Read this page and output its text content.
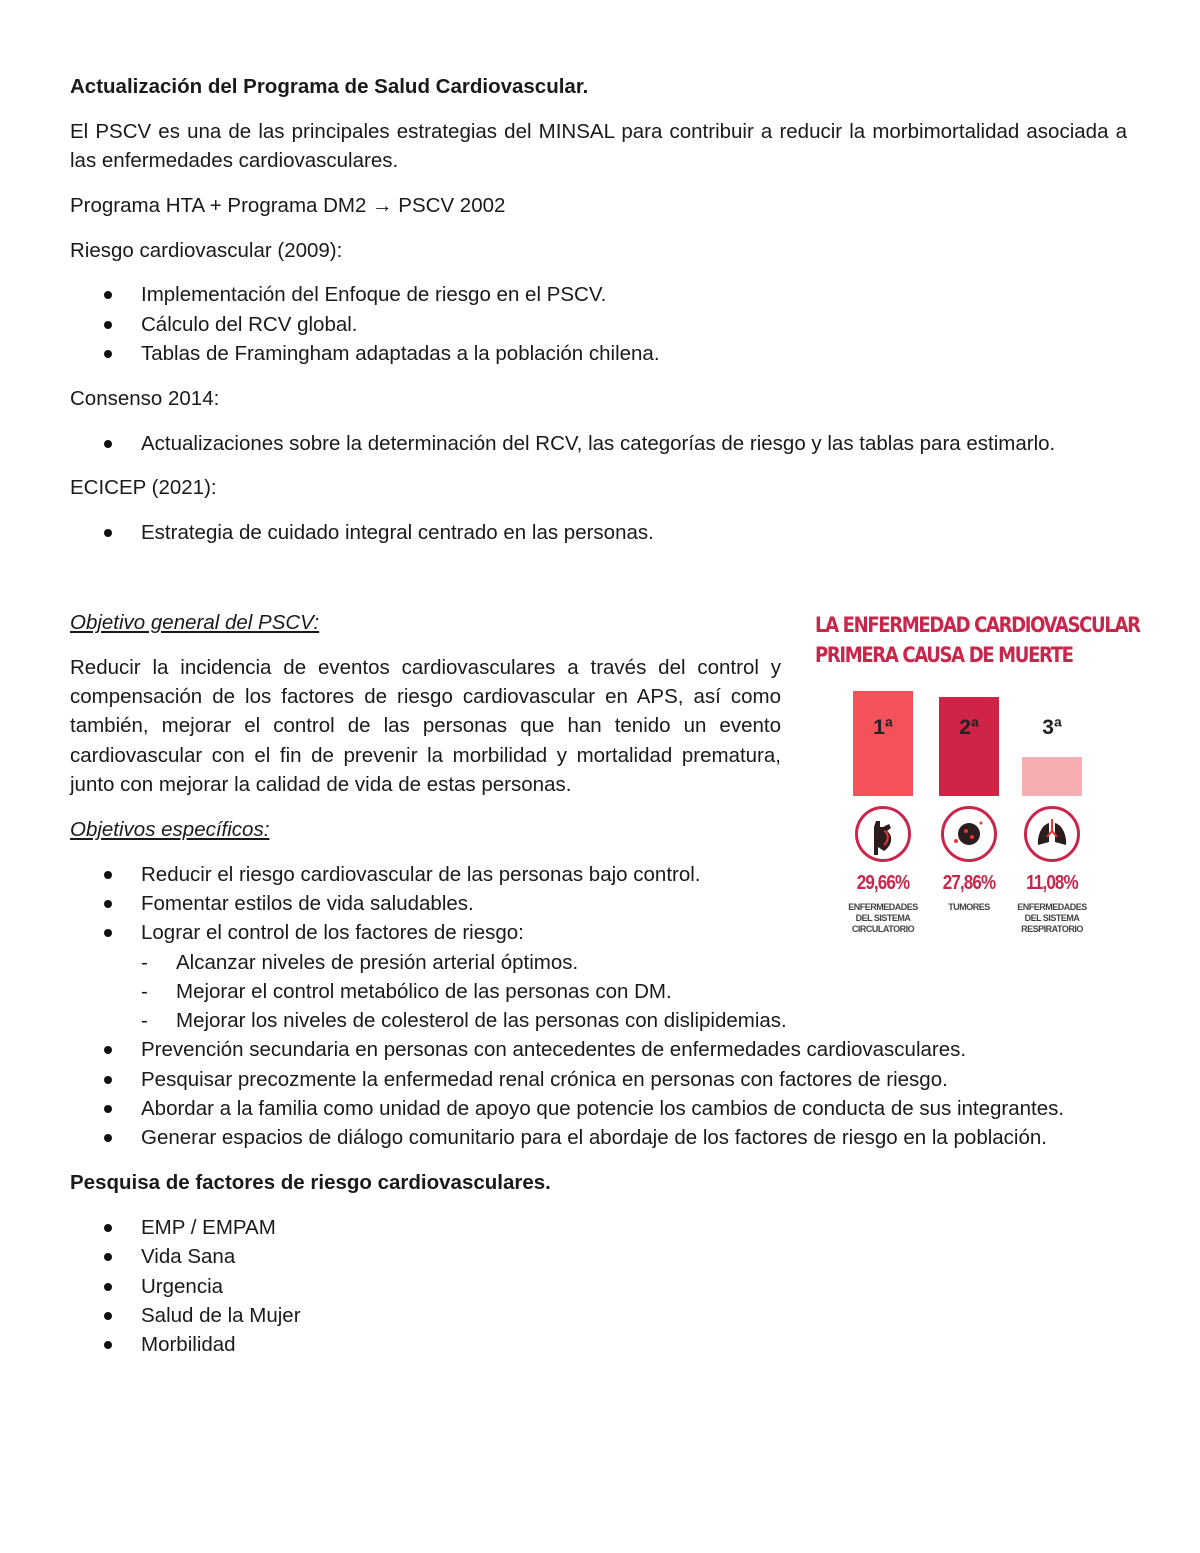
Actualización del Programa de Salud Cardiovascular.

El PSCV es una de las principales estrategias del MINSAL para contribuir a reducir la morbimortalidad asociada a las enfermedades cardiovasculares.

Programa HTA + Programa DM2 → PSCV 2002

Riesgo cardiovascular (2009):

Implementación del Enfoque de riesgo en el PSCV.
Cálculo del RCV global.
Tablas de Framingham adaptadas a la población chilena.

Consenso 2014:

Actualizaciones sobre la determinación del RCV, las categorías de riesgo y las tablas para estimarlo.

ECICEP (2021):

Estrategia de cuidado integral centrado en las personas.

Objetivo general del PSCV:

Reducir la incidencia de eventos cardiovasculares a través del control y compensación de los factores de riesgo cardiovascular en APS, así como también, mejorar el control de las personas que han tenido un evento cardiovascular con el fin de prevenir la morbilidad y mortalidad prematura, junto con mejorar la calidad de vida de estas personas.

Objetivos específicos:

Reducir el riesgo cardiovascular de las personas bajo control.
Fomentar estilos de vida saludables.
Lograr el control de los factores de riesgo:
- Alcanzar niveles de presión arterial óptimos.
- Mejorar el control metabólico de las personas con DM.
- Mejorar los niveles de colesterol de las personas con dislipidemias.
Prevención secundaria en personas con antecedentes de enfermedades cardiovasculares.
Pesquisar precozmente la enfermedad renal crónica en personas con factores de riesgo.
Abordar a la familia como unidad de apoyo que potencie los cambios de conducta de sus integrantes.
Generar espacios de diálogo comunitario para el abordaje de los factores de riesgo en la población.

Pesquisa de factores de riesgo cardiovasculares.

EMP / EMPAM
Vida Sana
Urgencia
Salud de la Mujer
Morbilidad
LA ENFERMEDAD CARDIOVASCULAR
PRIMERA CAUSA DE MUERTE
1ª
29,66%
ENFERMEDADES DEL SISTEMA CIRCULATORIO
2ª
27,86%
TUMORES
3ª
11,08%
ENFERMEDADES DEL SISTEMA RESPIRATORIO
